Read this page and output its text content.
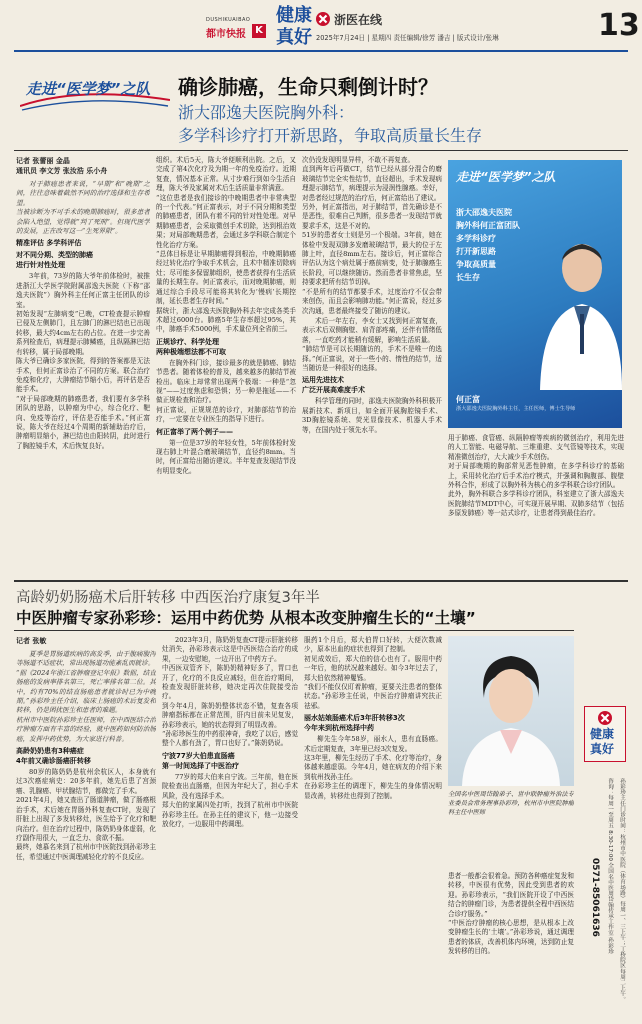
DUSHIKUAIBAO
都市快报 K
健康
真好
浙医在线
2025年7月24日 | 星期四 责任编辑/徐芳 潘吉 | 版式设计/张琳	13
走进“医学梦”之队 确诊肺癌，生命只剩倒计时？
浙大邵逸夫医院胸外科：
多学科诊疗打开新思路，争取高质量长生存

记者 张蕾丽 金晶
通讯员 李文芳 张汝浩 乐小舟

对于肺癌患者来说，“早期”和“晚期”之间，往往意味着截然不同的治疗选择和生存希望。
当被诊断为不可手术的晚期肺癌时，很多患者会陷入绝望，觉得就“判了死刑”。但现代医学的发展，正在改写这一“生死界限”。

精准评估 多学科评估

对不同分期、类型的肺癌
进行针对性处理

3年前，73岁的陈大爷年前体检时，被推进浙江大学医学院附属邵逸夫医院（下称“邵逸夫医院”）胸外科主任何正富主任团队的诊室。
初始发现“左肺病变”已晚，CT检查提示肿瘤已侵及左侧肺门，且左肺门的淋巴结也已出现转移，最大约4cm左右的占位。在进一步完善系列检查后，病理提示肺鳞癌，且纵隔淋巴结有转移，属于局部晚期。
陈大爷已确诊多家医院，得到的答案都是无法手术，但何正富诊治了不同的方案。联合治疗免疫和化疗，大肿瘤结节缩小后，再评估是否能手术。
“对于局部晚期的肺癌患者，我们要有多学科团队的思路，以肿瘤为中心，综合化疗、靶向、免疫等治疗，评估是否能手术。”何正富说，陈大爷在经过4个周期的新辅助治疗后，肿瘤明显缩小，淋巴结也由阳转阴，此时进行了胸腔镜手术，术后恢复良好。

组织。术后5天，陈大爷便顺利出院。之后，又完成了第4次化疗及为期一年的免疫治疗。近期复查，情况基本正常。从寸步难行到如今生活自理，陈大爷及家属对术后生活质量非常满意。
“这位患者是我们接诊的中晚期患者中非常典型的一个代表。”何正富表示，对于不同分期和类型的肺癌患者，团队有着不同的针对性处理。对早期肺癌患者，会采取微创手术切除，达到根治效果；对局部晚期患者，会通过多学科联合制定个性化治疗方案。
“总体目标是让早期肺癌得到根治，中晚期肺癌经过转化治疗争取手术机会，且术中精准切除病灶；尽可能多保留肺组织，使患者获得有生活质量的长期生存。何正富表示，而对晚期肺癌，则通过综合手段尽可能将其转化为‘慢病’长期控制，延长患者生存时间。”
据统计，浙大邵逸夫医院胸外科去年完成各类手术超过6000台。肺癌5年生存率超过95%，其中，肺癌手术5000例，手术量位列全省前三。

正规诊疗、科学处理
两种极端想法都不可取

在胸外科门诊，接诊最多的就是肺癌、肺结节患者。随着体检的普及，越来越多的肺结节被检出。临床上却常常出现两个极端：一种是“忽视”——过度焦虑和恐惧；另一种是拖延——不做正规检查和治疗。
何正富说，正规规范的诊疗，对肺部结节的治疗，一定要在专业医生的指导下进行。

何正富举了两个例子——

第一位是37岁的年轻女性，5年前体检时发现右肺上叶混合磨玻璃结节，直径约8mm。当时，何正富给出随访建议。半年复查发现结节没有明显变化。

次仍没发现明显异样，不敢不再复查。
直到两年后再做CT，结节已经从部分混合的磨玻璃结节完全实性结节，直径超出，手术发现病理提示肺结节，病理提示为浸润性腺癌。幸好，对患者经过规范的治疗后，何正富给出了建议。
另外，何正富指出，对于肺结节，首先确诊是不是恶性，很难自己判断，很多患者一发现结节就要求手术，这是不对的。
51岁的患者女士则是另一个极端。3年前，她在体检中发现双肺多发磨玻璃结节，最大的位于左肺上叶，直径8mm左右。接诊后，何正富综合评估认为这个病灶属于癌前病变，处于肺腺癌生长阶段，可以继续随访。然而患者非常焦虑，坚持要求把所有结节切掉。
“不是所有的结节都要手术，过度治疗不仅会带来创伤，而且会影响肺功能。”何正富说，经过多次沟通，患者最终接受了随访的建议。

术后一年左右，李女士又找到何正富复查，表示术后双侧胸壁、肩背部疼痛，还伴有情绪低落，一直吃药才能稍有缓解，影响生活质量。
“肺结节是可以长期随访的，手术不是唯一的选择。”何正富说，对于一些小的、惰性的结节，适当随访是一种很好的选择。

运用先进技术
广泛开展高难度手术

科学管理的同时，邵逸夫医院胸外科积极开展新技术、新项目，如全面开展胸腔镜手术、3D胸腔镜系统、荧光显像技术、机器人手术等，在国内处于领先水平。

走进“医学梦”之队
浙大邵逸夫医院
胸外科何正富团队
多学科诊疗
打开新思路
争取高质量
长生存
何正富
浙大邵逸夫医院胸外科主任，主任医师，博士生导师

用于肺癌、食管癌、纵隔肿瘤等疾病的微创治疗，利用先进的人工智能、电磁导航、三维重建、支气管镜等技术，实现精准微创治疗，大大减少手术创伤。
对于局部晚期的胸部常见恶性肿瘤，在多学科诊疗的基础上，采用转化治疗后手术治疗模式，并强调和胸腹部、腹壁外科合作，形成了以胸外科为核心的多学科联合诊疗团队。
此外，胸外科联合多学科诊疗团队，科室建立了浙大邵逸夫医院肺结节MDT中心，可实现开展早期、双肺多结节（包括多原发肺癌）等一站式诊疗，让患者得到最佳治疗。

高龄奶奶肠癌术后肝转移 中西医治疗康复3年半
中医肿瘤专家孙彩珍：运用中药优势 从根本改变肿瘤生长的“土壤”

记者 张敏

夏季是胃肠道疾病的高发季，由于腹痛腹泻等肠道不适症状，常出现肠道功能紊乱而就诊。
“据《2024年浙江省肿瘤登记年报》数据，结直肠癌的发病率排名第三，死亡率排名第二位。其中，约有70%的结直肠癌患者就诊时已为中晚期。”孙彩珍主任介绍，临床上肠癌的术后复发和转移，仍是困扰医生和患者的难题。
杭州市中医院孙彩珍主任医师，在中西医结合治疗肿瘤方面有丰富的经验，就中医药如何防治肠癌，发挥中药优势，为大家进行科普。

高龄奶奶患有3种癌症
4年前又确诊肠癌肝转移

80岁的陈奶奶是杭州余杭区人，本身就有过3次癌症病史：20多年前，她先后患了宫颈癌、乳腺癌、甲状腺结节，都做完了手术。
2021年4月，她又查出了肠道肿瘤，做了肠癌根治手术，术后她在胃肠外科复查CT时，发现了肝脏上出现了多发转移灶，医生给予了化疗和靶向治疗。但在治疗过程中，陈奶奶身体虚弱，化疗副作用很大，一直乏力、食欲不振。
最终，她慕名来到了杭州市中医院找到孙彩珍主任，希望通过中医调理减轻化疗的不良反应。

2023年3月，陈奶奶复查CT提示肝脏转移灶消失，孙彩珍表示这是中西医结合治疗的成果，一边安慰她，一边开出了中药方子。
中西医双管齐下，陈奶奶精神好多了，胃口也开了，化疗的不良反应减轻，但在治疗期间，检查发现肝脏转移，她决定再次住院接受治疗。
到今年4月，陈奶奶整体状态不错，复查各项肿瘤指标都在正常范围，肝内目前未见复发，孙彩珍表示，她的状态得到了明显改善。
“孙彩珍医生的中药很神奇，我吃了以后，感觉整个人都有劲了，胃口也好了。”陈奶奶说。

宁波77岁大伯患直肠癌
第一时间选择了中医治疗

77岁的郑大伯来自宁波。三年前，他在医院检查出直肠癌，但因为年纪大了，担心手术风险，没有选择手术。
郑大伯的家属四处打听，找到了杭州市中医院孙彩珍主任。在孙主任的建议下，他一边接受放化疗，一边服用中药调理。

服药1个月后，郑大伯胃口好转，大便次数减少，原本出血的症状也得到了控制。
初见成效后，郑大伯的信心也有了。服用中药一年后，他的状况越来越好。如今3年过去了，郑大伯依然精神矍铄。
“我们不能仅仅盯着肿瘤，更要关注患者的整体状态。”孙彩珍主任说，中医治疗肿瘤讲究扶正祛邪。

丽水姑娘肠癌术后3年肝转移3次
今年来到杭州选择中药

柳先生今年58岁，丽水人，患有直肠癌。术后定期复查，3年里已经3次复发。
这3年里，柳先生经历了手术、化疗等治疗，身体越来越虚弱。今年4月，她在病友的介绍下来到杭州找孙主任。
在孙彩珍主任的调理下，柳先生的身体情况明显改善，转移灶也得到了控制。	全国名中医周岱翰弟子、世中联肿瘤外治法专业委员会常务理事孙彩珍，杭州市中医院肿瘤科主任中医师

患者一般都会很着急。预防各种癌症复发和转移，中医很有优势，因此受到患者的欢迎。孙彩珍表示，“我们医院开设了中西医结合的肿瘤门诊，为患者提供全程中西医结合诊疗服务。”
“中医治疗肿瘤的核心思想，是从根本上改变肿瘤生长的‘土壤’。”孙彩珍说，通过调理患者的体质，改善机体内环境，达到防止复发转移的目的。

健康
真好
0571-85061636 咨询：每周一至周五 8:30-17:00 全国名中医周岱翰传承工作室 孙彩珍 孙彩珍主任门诊时间：杭州市中医院（体育场路）每周一、三上午；丁桥院区每周二上午。
